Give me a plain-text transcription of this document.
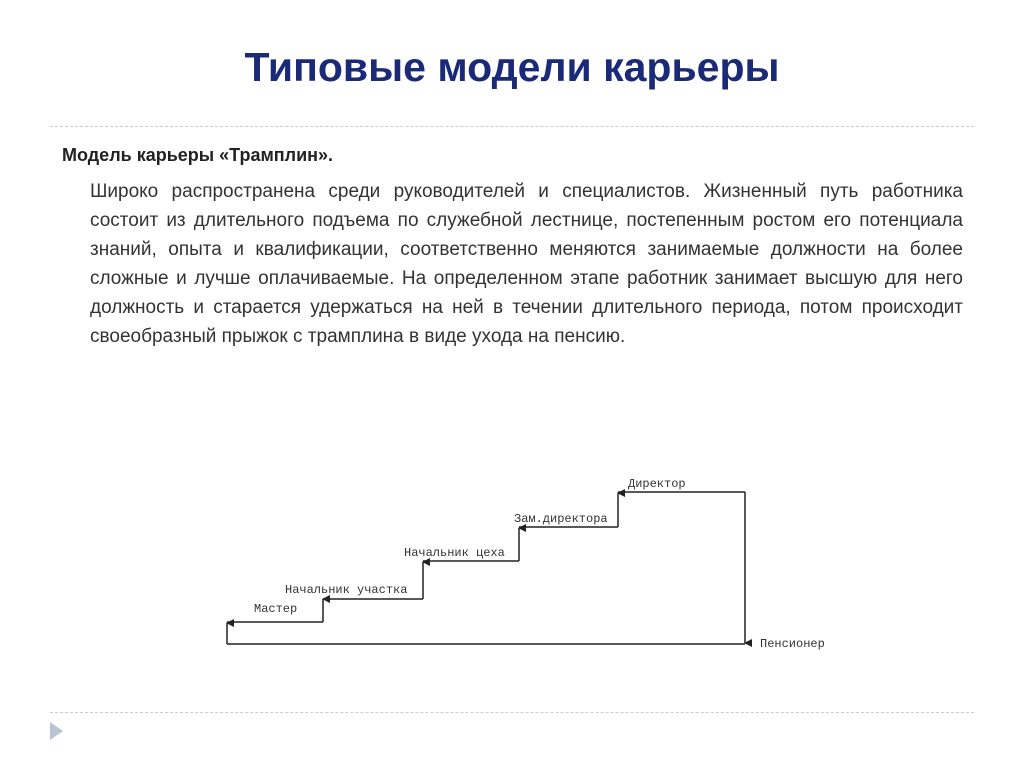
Типовые модели карьеры
Модель карьеры «Трамплин».
Широко распространена среди руководителей и специалистов. Жизненный путь работника состоит из длительного подъема по служебной лестнице, постепенным ростом его потенциала знаний, опыта и квалификации, соответственно меняются занимаемые должности на более сложные и лучше оплачиваемые. На определенном этапе работник занимает высшую для него должность и старается удержаться на ней в течении длительного периода, потом происходит своеобразный прыжок с трамплина в виде ухода на пенсию.
Мастер
Начальник участка
Начальник цеха
Зам.директора
Директор
Пенсионер
